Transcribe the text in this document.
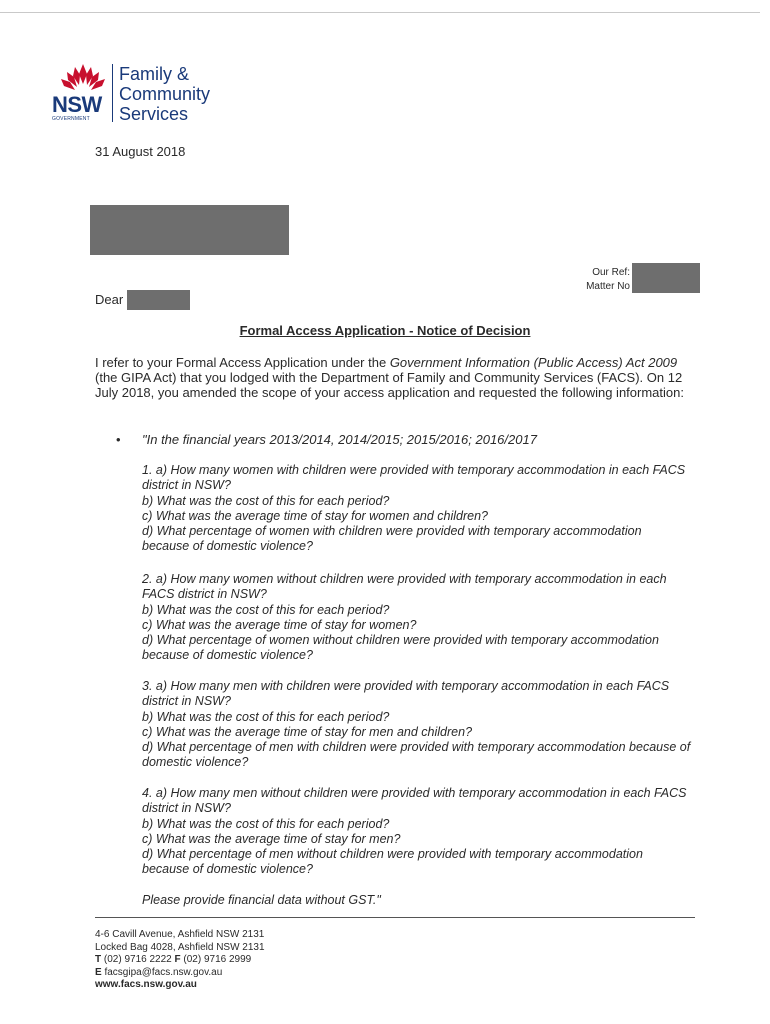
NSW
GOVERNMENT
Family &
Community
Services
31 August 2018
Our Ref:
Matter No
Dear
Formal Access Application - Notice of Decision
I refer to your Formal Access Application under the Government Information (Public Access) Act 2009 (the GIPA Act) that you lodged with the Department of Family and Community Services (FACS). On 12 July 2018, you amended the scope of your access application and requested the following information:
• "In the financial years 2013/2014, 2014/2015; 2015/2016; 2016/2017

1. a) How many women with children were provided with temporary accommodation in each FACS district in NSW?

b) What was the cost of this for each period?

c) What was the average time of stay for women and children?

d) What percentage of women with children were provided with temporary accommodation because of domestic violence?

2. a) How many women without children were provided with temporary accommodation in each FACS district in NSW?

b) What was the cost of this for each period?

c) What was the average time of stay for women?

d) What percentage of women without children were provided with temporary accommodation because of domestic violence?

3. a) How many men with children were provided with temporary accommodation in each FACS district in NSW?

b) What was the cost of this for each period?

c) What was the average time of stay for men and children?

d) What percentage of men with children were provided with temporary accommodation because of domestic violence?

4. a) How many men without children were provided with temporary accommodation in each FACS district in NSW?

b) What was the cost of this for each period?

c) What was the average time of stay for men?

d) What percentage of men without children were provided with temporary accommodation because of domestic violence?

Please provide financial data without GST."
4-6 Cavill Avenue, Ashfield NSW 2131
Locked Bag 4028, Ashfield NSW 2131
T (02) 9716 2222 F (02) 9716 2999
E facsgipa@facs.nsw.gov.au
www.facs.nsw.gov.au
